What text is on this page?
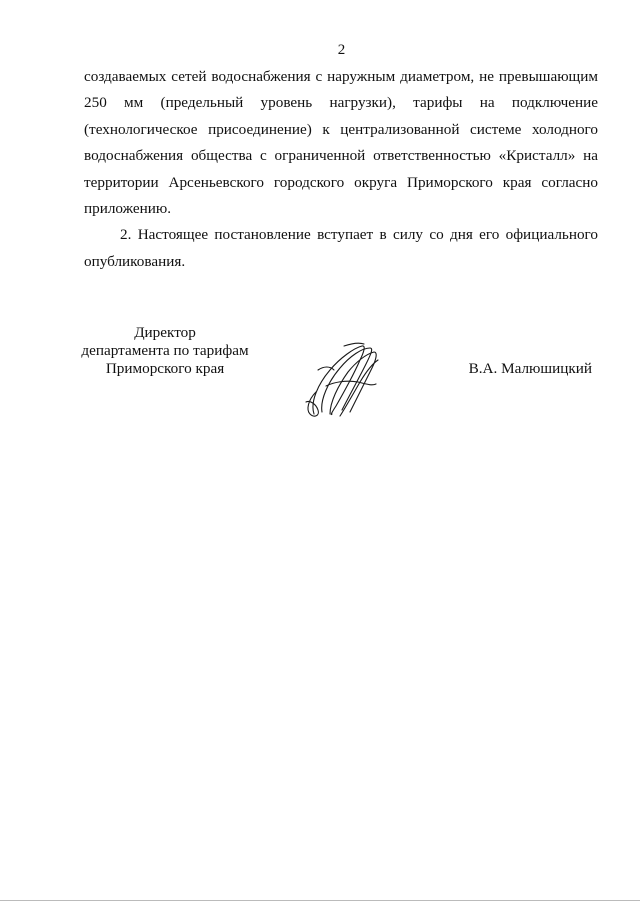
2
создаваемых сетей водоснабжения с наружным диаметром, не превышающим
250 мм (предельный уровень нагрузки), тарифы на подключение
(технологическое присоединение) к централизованной системе холодного
водоснабжения общества с ограниченной ответственностью «Кристалл» на
территории Арсеньевского городского округа Приморского края согласно
приложению.
2. Настоящее постановление вступает в силу со дня его официального
опубликования.
Директор
департамента по тарифам
Приморского края	В.А. Малюшицкий
